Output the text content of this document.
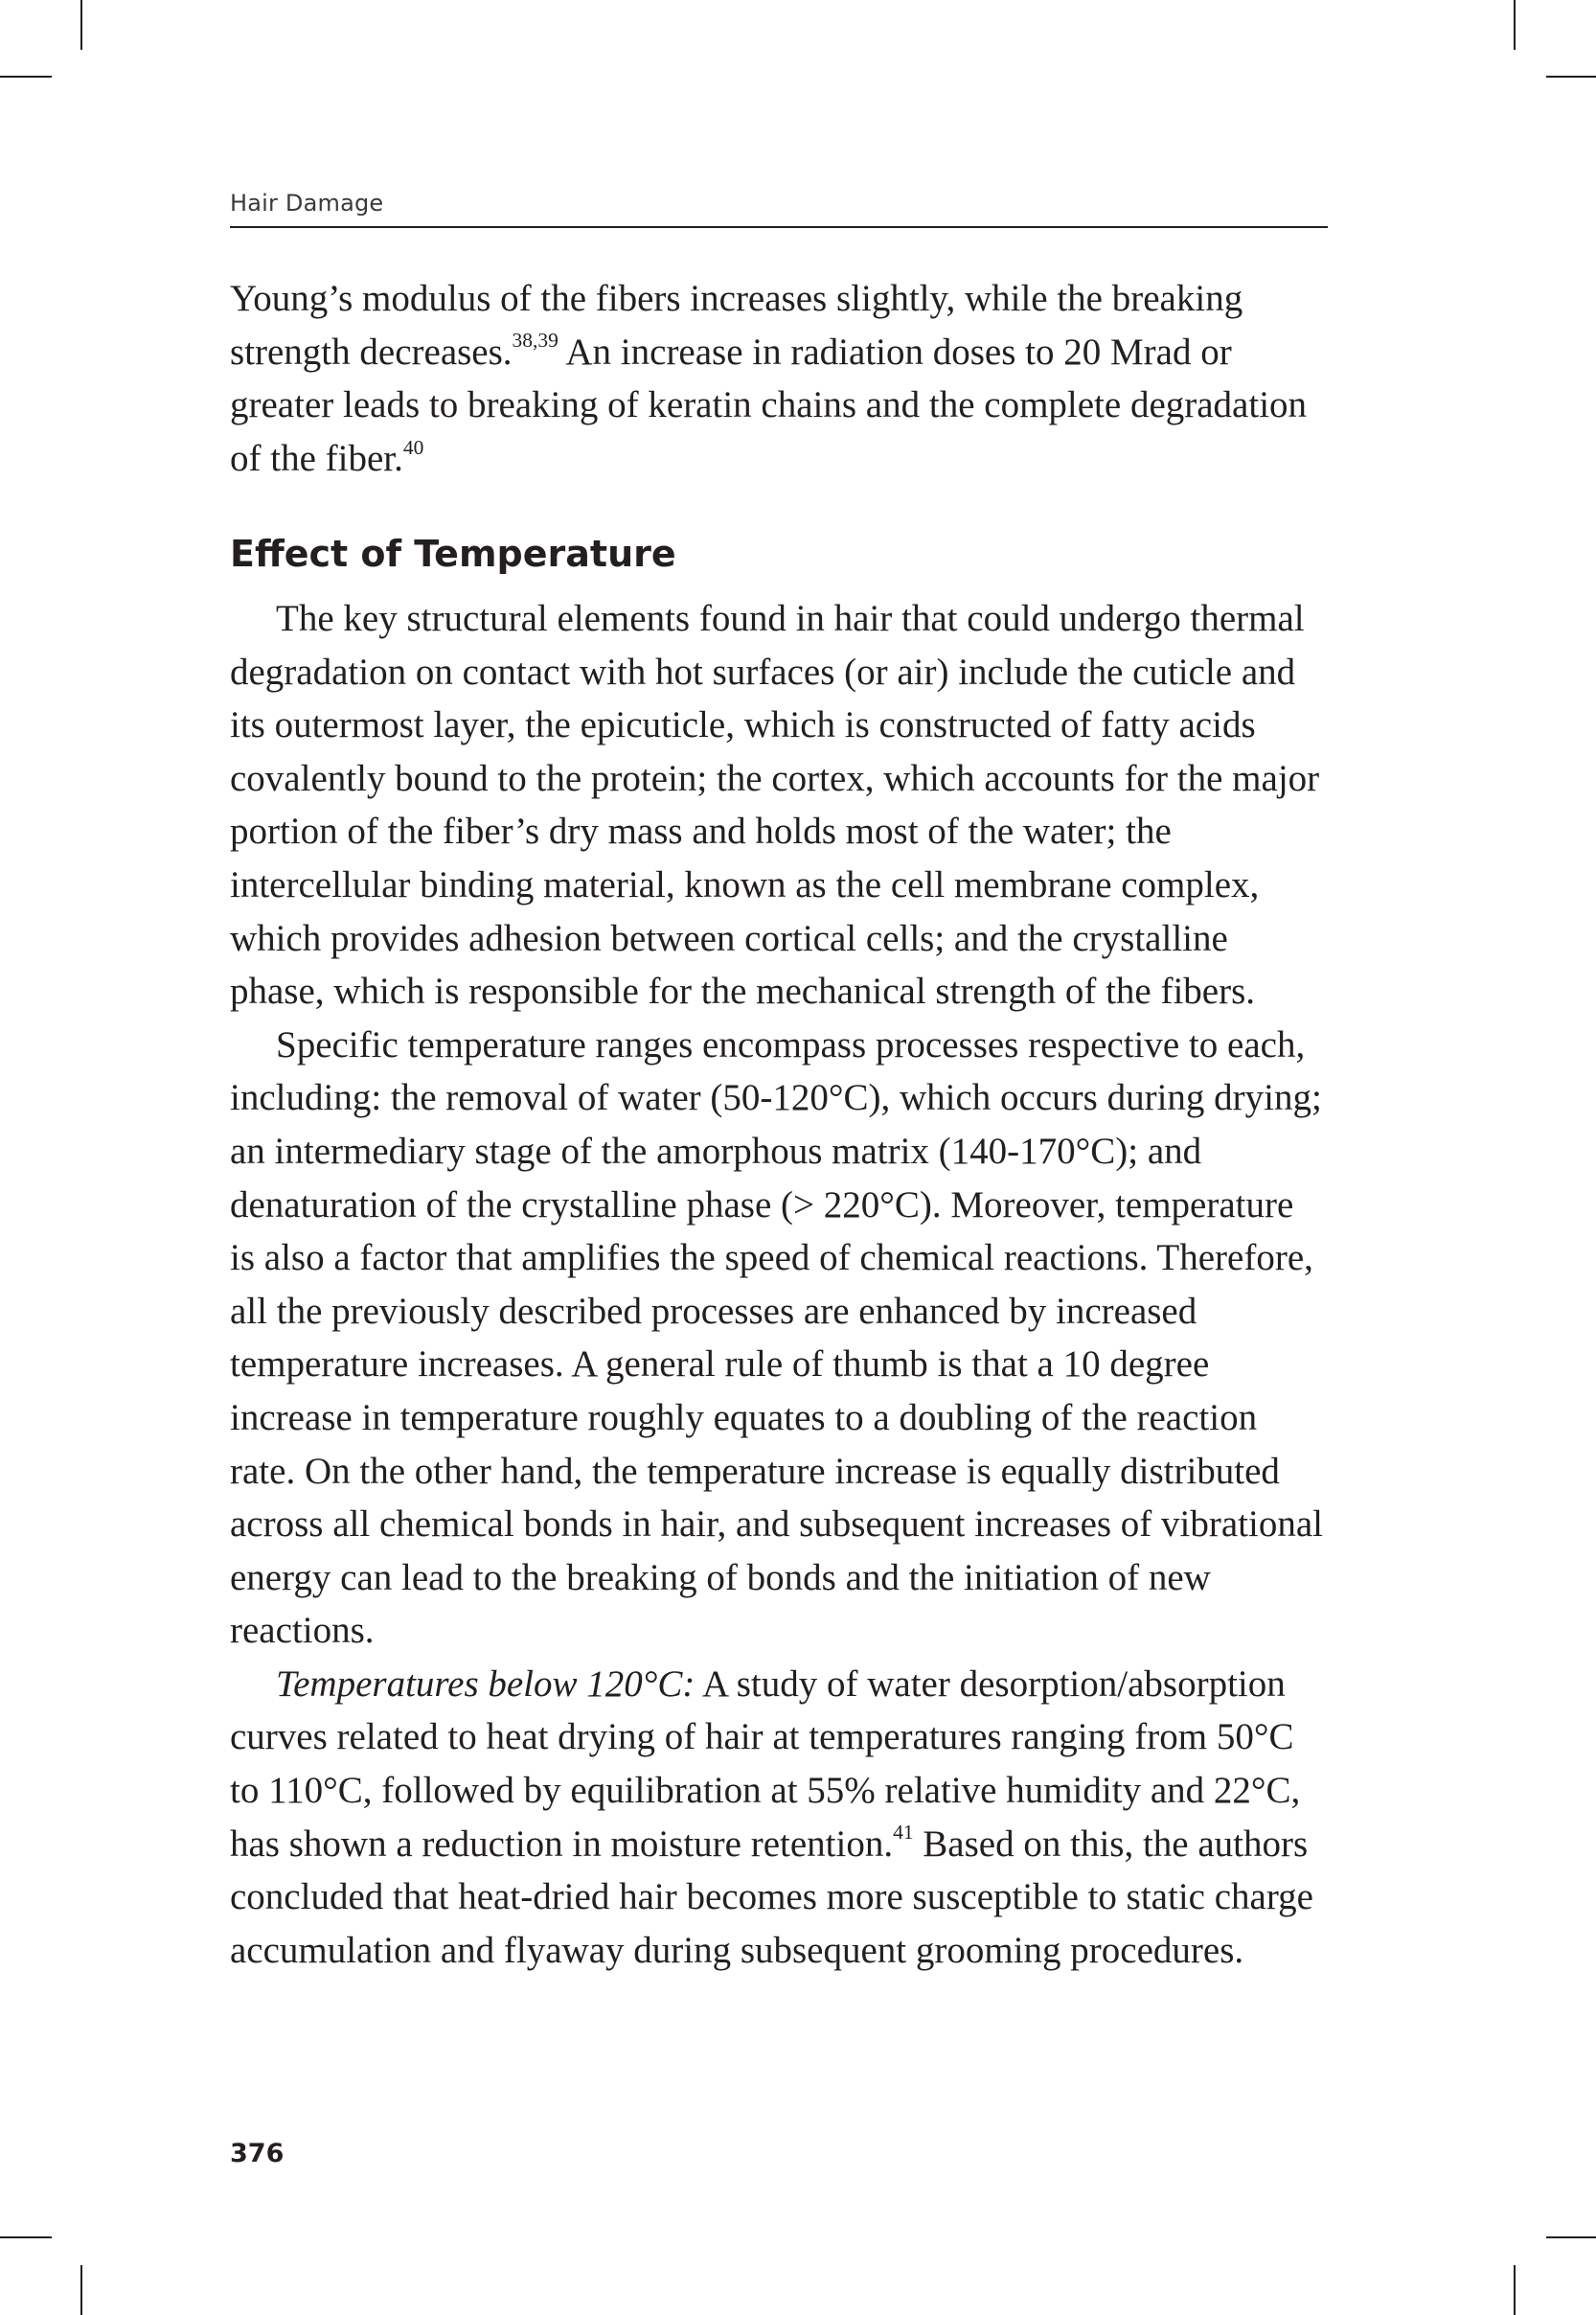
Hair Damage

Young’s modulus of the fibers increases slightly, while the breaking strength decreases.$^{38,39}$ An increase in radiation doses to 20 Mrad or greater leads to breaking of keratin chains and the complete degradation of the fiber.$^{40}$

Effect of Temperature

The key structural elements found in hair that could undergo thermal degradation on contact with hot surfaces (or air) include the cuticle and its outermost layer, the epicuticle, which is constructed of fatty acids covalently bound to the protein; the cortex, which accounts for the major portion of the fiber’s dry mass and holds most of the water; the intercellular binding material, known as the cell membrane complex, which provides adhesion between cortical cells; and the crystalline phase, which is responsible for the mechanical strength of the fibers.

Specific temperature ranges encompass processes respective to each, including: the removal of water (50-120°C), which occurs during drying; an intermediary stage of the amorphous matrix (140-170°C); and denaturation of the crystalline phase (> 220°C). Moreover, temperature is also a factor that amplifies the speed of chemical reactions. Therefore, all the previously described processes are enhanced by increased temperature increases. A general rule of thumb is that a 10 degree increase in temperature roughly equates to a doubling of the reaction rate. On the other hand, the temperature increase is equally distributed across all chemical bonds in hair, and subsequent increases of vibrational energy can lead to the breaking of bonds and the initiation of new reactions.

Temperatures below 120°C: A study of water desorption/absorption curves related to heat drying of hair at temperatures ranging from 50°C to 110°C, followed by equilibration at 55% relative humidity and 22°C, has shown a reduction in moisture retention.$^{41}$ Based on this, the authors concluded that heat-dried hair becomes more susceptible to static charge accumulation and flyaway during subsequent grooming procedures.

376
